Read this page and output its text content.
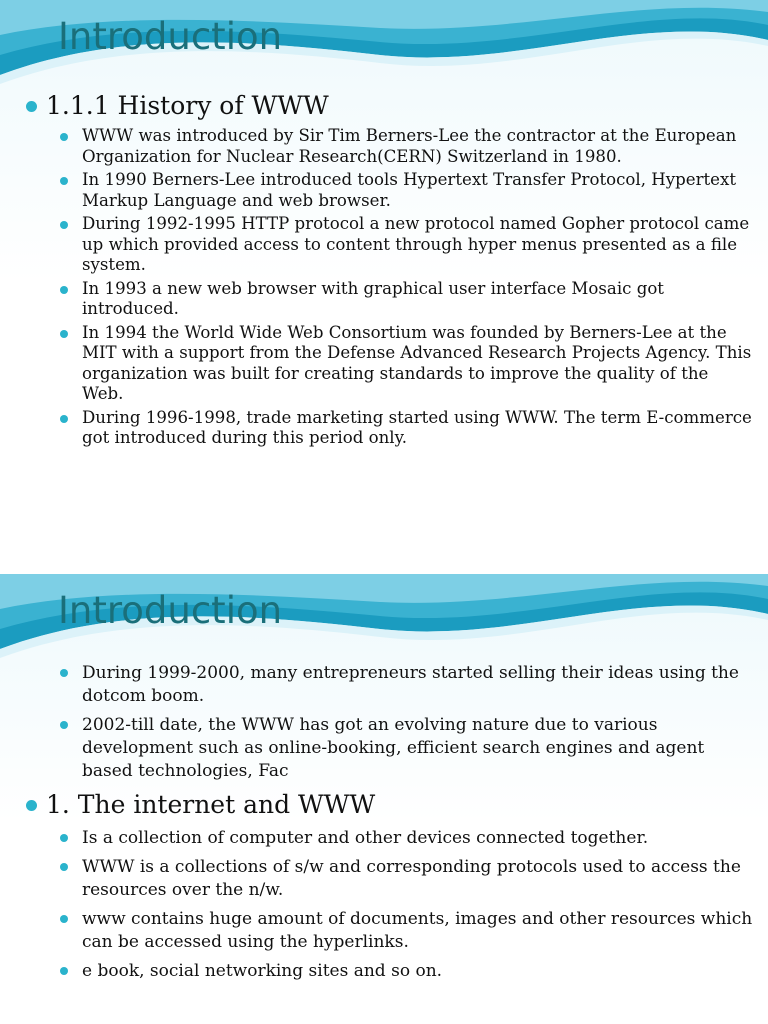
Introduction
1.1.1 History of WWW
WWW was introduced by Sir Tim Berners-Lee the contractor at the European Organization for Nuclear Research(CERN) Switzerland in 1980.
In 1990 Berners-Lee introduced tools Hypertext Transfer Protocol, Hypertext Markup Language and web browser.
During 1992-1995 HTTP protocol a new protocol named Gopher protocol came up which provided access to content through hyper menus presented as a file system.
In 1993 a new web browser with graphical user interface Mosaic got introduced.
In 1994 the World Wide Web Consortium was founded by Berners-Lee at the MIT with a support from the Defense Advanced Research Projects Agency. This organization was built for creating standards to improve the quality of the Web.
During 1996-1998, trade marketing started using WWW. The term E-commerce got introduced during this period only.
Introduction
During 1999-2000, many entrepreneurs started selling their ideas using the dotcom boom.
2002-till date, the WWW has got an evolving nature due to various development such as online-booking, efficient search engines and agent based technologies, Fac
1. The internet and WWW
Is a collection of computer and other devices connected together.
WWW is a collections of s/w and corresponding protocols used to access the resources over the n/w.
www contains huge amount of documents, images and other resources which can be accessed using the hyperlinks.
e book, social networking sites and so on.
